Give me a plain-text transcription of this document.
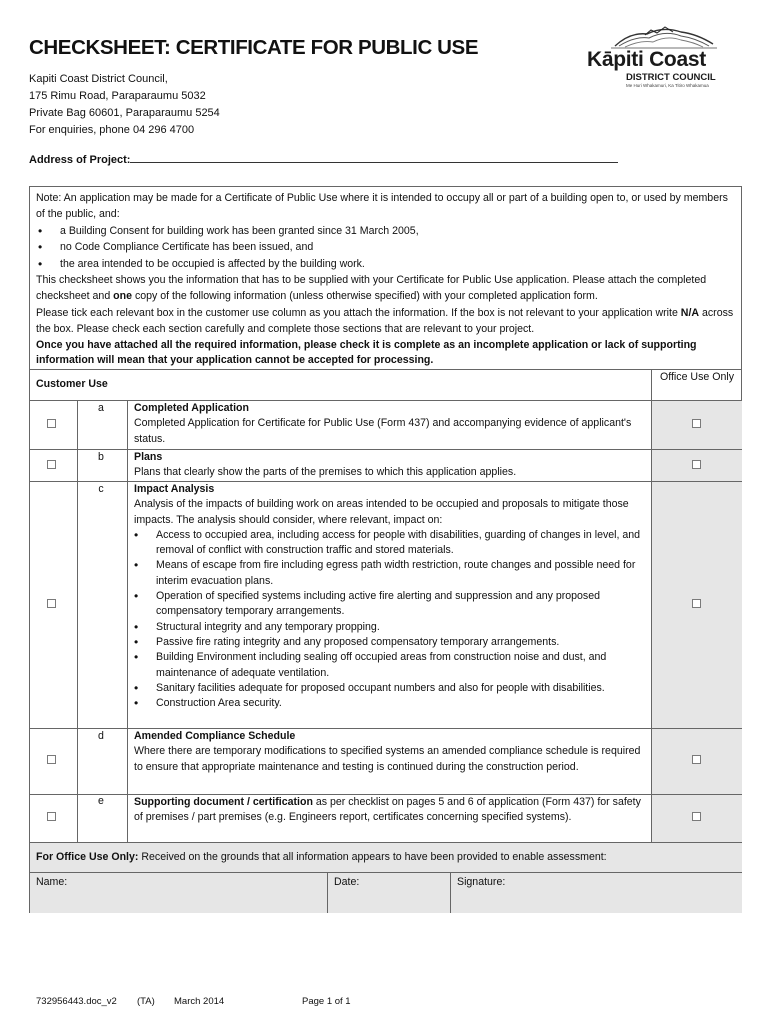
CHECKSHEET: CERTIFICATE FOR PUBLIC USE
Kāpiti Coast
DISTRICT COUNCIL
Me Huri Whakamuri, Ka Titiro Whakamua
Kapiti Coast District Council,
175 Rimu Road, Paraparaumu 5032
Private Bag 60601, Paraparaumu 5254
For enquiries, phone 04 296 4700
Address of Project:

Note: An application may be made for a Certificate of Public Use where it is intended to occupy all or part of a building open to, or used by members of the public, and:

• a Building Consent for building work has been granted since 31 March 2005,
• no Code Compliance Certificate has been issued, and
• the area intended to be occupied is affected by the building work.

This checksheet shows you the information that has to be supplied with your Certificate for Public Use application. Please attach the completed checksheet and one copy of the following information (unless otherwise specified) with your completed application form.

Please tick each relevant box in the customer use column as you attach the information. If the box is not relevant to your application write N/A across the box. Please check each section carefully and complete those sections that are relevant to your project.

Once you have attached all the required information, please check it is complete as an incomplete application or lack of supporting information will mean that your application cannot be accepted for processing.

Customer Use
Office Use Only
a	Completed Application
Completed Application for Certificate for Public Use (Form 437) and accompanying evidence of applicant's status.
b	Plans
Plans that clearly show the parts of the premises to which this application applies.
c	Impact Analysis
Analysis of the impacts of building work on areas intended to be occupied and proposals to mitigate those impacts. The analysis should consider, where relevant, impact on:
• Access to occupied area, including access for people with disabilities, guarding of changes in level, and removal of conflict with construction traffic and stored materials.
• Means of escape from fire including egress path width restriction, route changes and possible need for interim evacuation plans.
• Operation of specified systems including active fire alerting and suppression and any proposed compensatory temporary arrangements.
• Structural integrity and any temporary propping.
• Passive fire rating integrity and any proposed compensatory temporary arrangements.
• Building Environment including sealing off occupied areas from construction noise and dust, and maintenance of adequate ventilation.
• Sanitary facilities adequate for proposed occupant numbers and also for people with disabilities.
• Construction Area security.
d	Amended Compliance Schedule
Where there are temporary modifications to specified systems an amended compliance schedule is required to ensure that appropriate maintenance and testing is continued during the construction period.
e	Supporting document / certification as per checklist on pages 5 and 6 of application (Form 437) for safety of premises / part premises (e.g. Engineers report, certificates concerning specified systems).
For Office Use Only: Received on the grounds that all information appears to have been provided to enable assessment:
Name:	Date:	Signature:
732956443.doc_v2 (TA) March 2014	Page 1 of 1
